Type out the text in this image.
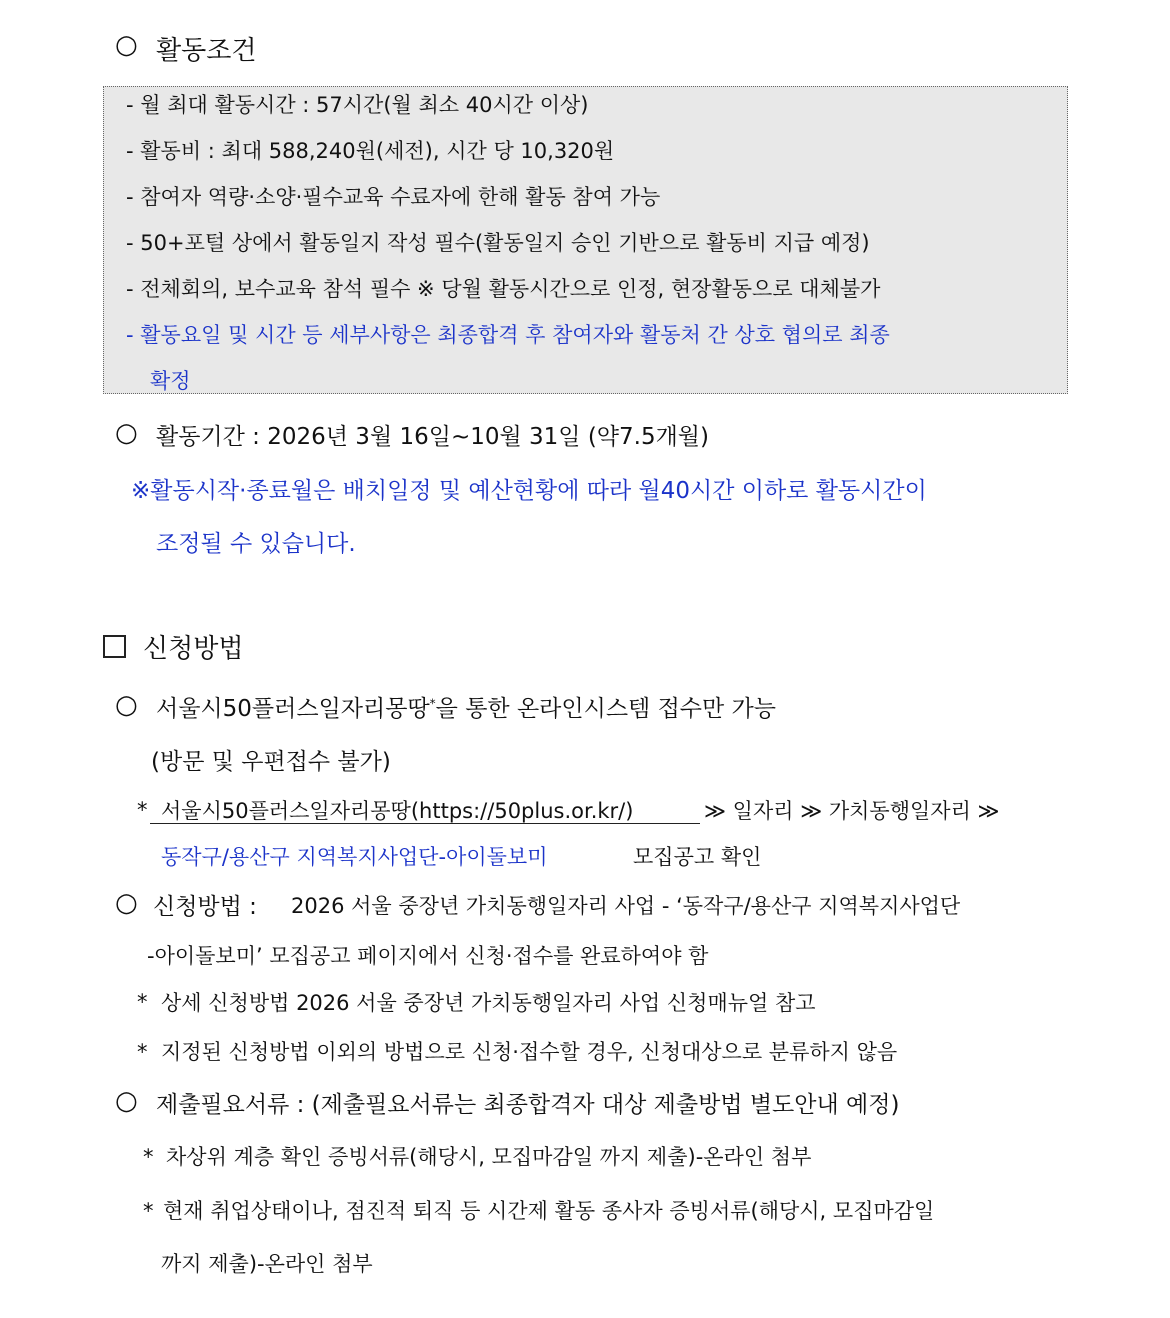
○ 활동조건
- 월 최대 활동시간 : 57시간(월 최소 40시간 이상)
- 활동비 : 최대 588,240원(세전), 시간 당 10,320원
- 참여자 역량·소양·필수교육 수료자에 한해 활동 참여 가능
- 50+포털 상에서 활동일지 작성 필수(활동일지 승인 기반으로 활동비 지급 예정)
- 전체회의, 보수교육 참석 필수 ※ 당월 활동시간으로 인정, 현장활동으로 대체불가
- 활동요일 및 시간 등 세부사항은 최종합격 후 참여자와 활동처 간 상호 협의로 최종
확정
○ 활동기간 : 2026년 3월 16일~10월 31일 (약7.5개월)
※활동시작·종료월은 배치일정 및 예산현황에 따라 월40시간 이하로 활동시간이
조정될 수 있습니다.
신청방법
○ 서울시50플러스일자리몽땅*을 통한 온라인시스템 접수만 가능
(방문 및 우편접수 불가)
* 서울시50플러스일자리몽땅(https://50plus.or.kr/)	≫ 일자리 ≫ 가치동행일자리 ≫
동작구/용산구 지역복지사업단-아이돌보미	모집공고 확인
○ 신청방법 : 2026 서울 중장년 가치동행일자리 사업 - ‘동작구/용산구 지역복지사업단
-아이돌보미’ 모집공고 페이지에서 신청·접수를 완료하여야 함
* 상세 신청방법 2026 서울 중장년 가치동행일자리 사업 신청매뉴얼 참고
* 지정된 신청방법 이외의 방법으로 신청·접수할 경우, 신청대상으로 분류하지 않음
○ 제출필요서류 : (제출필요서류는 최종합격자 대상 제출방법 별도안내 예정)
* 차상위 계층 확인 증빙서류(해당시, 모집마감일 까지 제출)-온라인 첨부
* 현재 취업상태이나, 점진적 퇴직 등 시간제 활동 종사자 증빙서류(해당시, 모집마감일
까지 제출)-온라인 첨부
